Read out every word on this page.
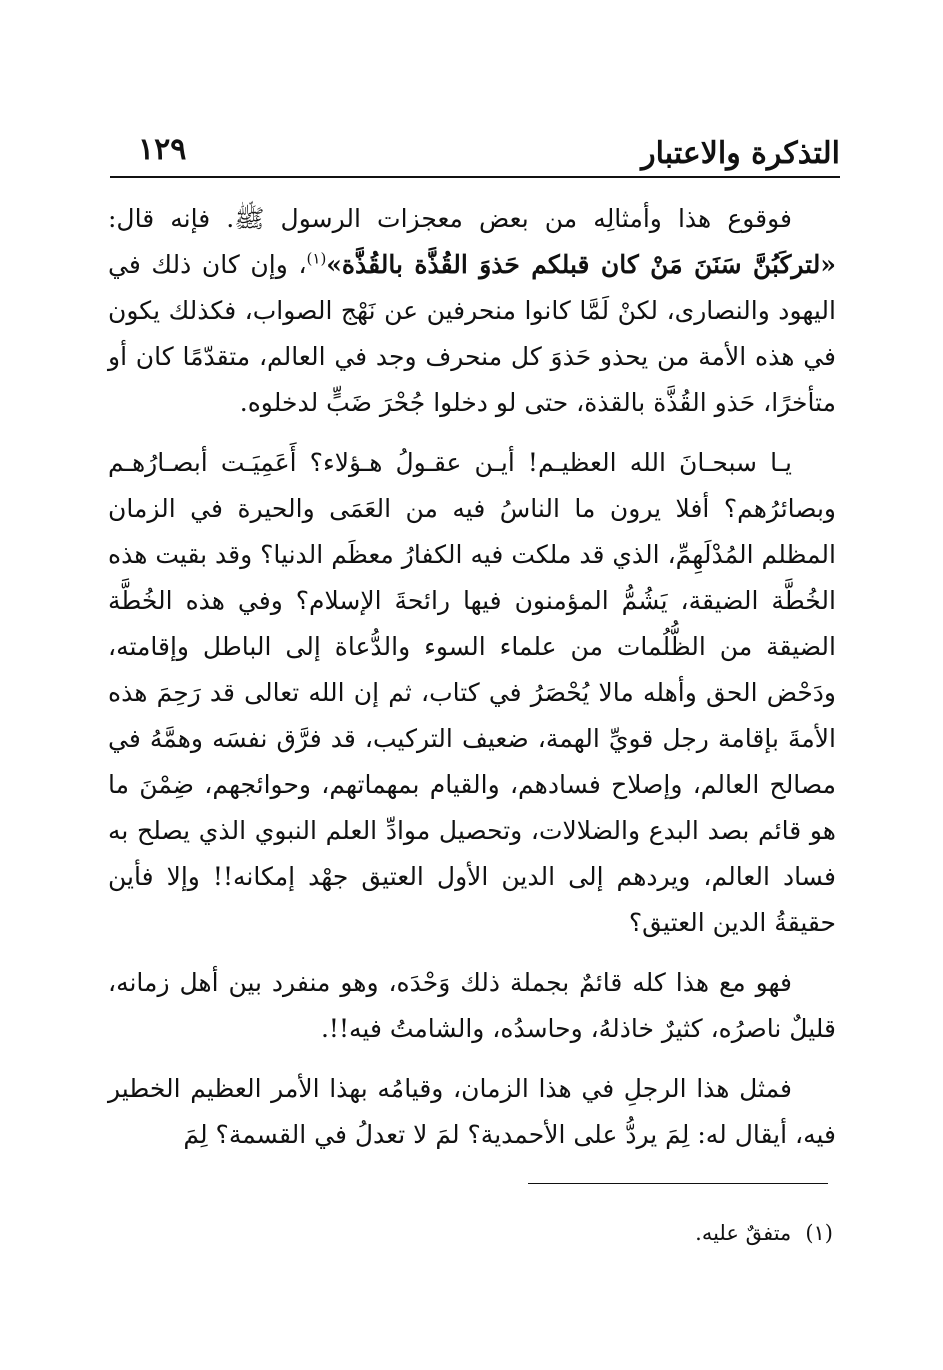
التذكرة والاعتبار
١٢٩

فوقوع هذا وأمثالِه من بعض معجزات الرسول ﷺ. فإنه قال: «لتركَبُنَّ سَنَنَ مَنْ كان قبلكم حَذوَ القُذَّة بالقُذَّة»$^{(١)}$، وإن كان ذلك في اليهود والنصارى، لكنْ لَمَّا كانوا منحرفين عن نَهْج الصواب، فكذلك يكون في هذه الأمة من يحذو حَذوَ كل منحرف وجد في العالم، متقدّمًا كان أو متأخرًا، حَذو القُذَّة بالقذة، حتى لو دخلوا جُحْرَ ضَبٍّ لدخلوه.

يـا سبحـانَ الله العظيـم! أيـن عقـولُ هـؤلاء؟ أَعَمِيَـت أبصـارُهـم وبصائرُهم؟ أفلا يرون ما الناسُ فيه من العَمَى والحيرة في الزمان المظلم المُدْلَهِمِّ، الذي قد ملكت فيه الكفارُ معظَم الدنيا؟ وقد بقيت هذه الخُطَّة الضيقة، يَشُمُّ المؤمنون فيها رائحةَ الإسلام؟ وفي هذه الخُطَّة الضيقة من الظُّلُمات من علماء السوء والدُّعاة إلى الباطل وإقامته، ودَحْض الحق وأهله مالا يُحْصَرُ في كتاب، ثم إن الله تعالى قد رَحِمَ هذه الأمةَ بإقامة رجل قويِّ الهمة، ضعيف التركيب، قد فرَّق نفسَه وهمَّهُ في مصالح العالم، وإصلاح فسادهم، والقيام بمهماتهم، وحوائجهم، ضِمْنَ ما هو قائم بصد البدع والضلالات، وتحصيل موادِّ العلم النبوي الذي يصلح به فساد العالم، ويردهم إلى الدين الأول العتيق جهْد إمكانه!! وإلا فأين حقيقةُ الدين العتيق؟

فهو مع هذا كله قائمٌ بجملة ذلك وَحْدَه، وهو منفرد بين أهل زمانه، قليلٌ ناصرُه، كثيرٌ خاذلهُ، وحاسدُه، والشامتُ فيه!!.

فمثل هذا الرجلِ في هذا الزمان، وقيامُه بهذا الأمر العظيم الخطير فيه، أيقال له: لِمَ يردُّ على الأحمدية؟ لمَ لا تعدلُ في القسمة؟ لِمَ

(١)متفقٌ عليه.
